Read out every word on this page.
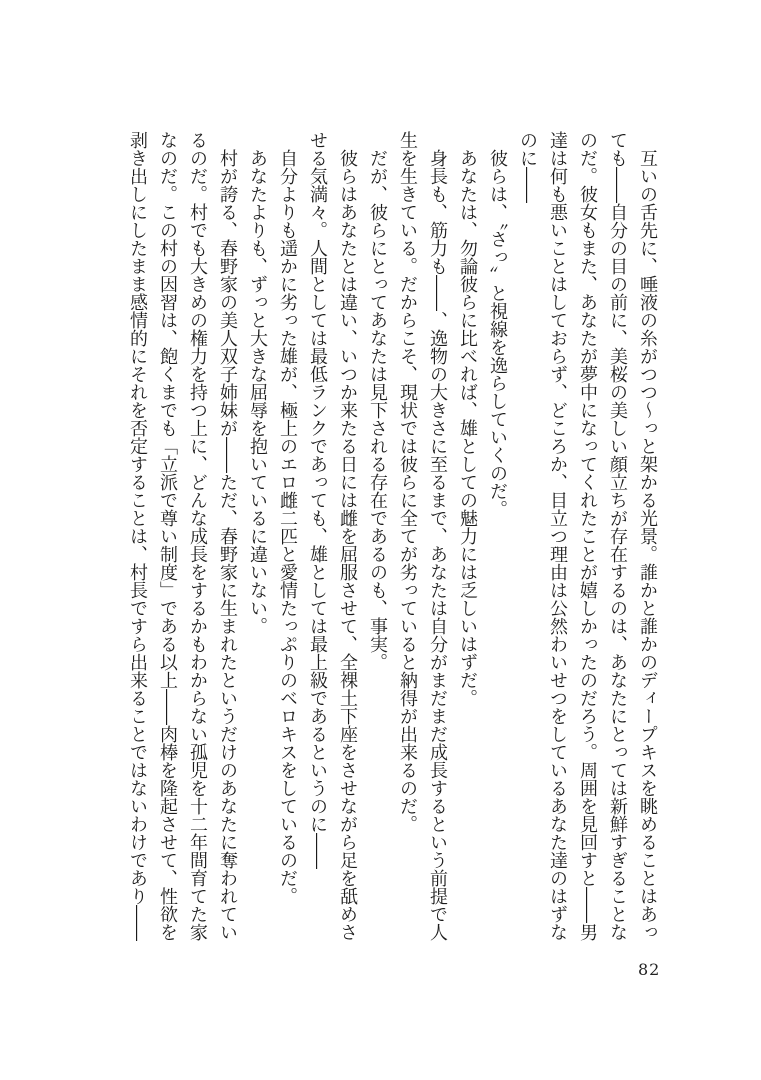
互いの舌先に、唾液の糸がつつ～っと架かる光景。誰かと誰かのディープキスを眺めることはあっても――自分の目の前に、美桜の美しい顔立ちが存在するのは、あなたにとっては新鮮すぎることなのだ。彼女もまた、あなたが夢中になってくれたことが嬉しかったのだろう。周囲を見回すと――男達は何も悪いことはしておらず、どころか、目立つ理由は公然わいせつをしているあなた達のはずなのに――

彼らは、〝さっ〟と視線を逸らしていくのだ。

あなたは、勿論彼らに比べれば、雄としての魅力には乏しいはずだ。

身長も、筋力も――、逸物の大きさに至るまで、あなたは自分がまだまだ成長するという前提で人生を生きている。だからこそ、現状では彼らに全てが劣っていると納得が出来るのだ。

だが、彼らにとってあなたは見下される存在であるのも、事実。

彼らはあなたとは違い、いつか来たる日には雌を屈服させて、全裸土下座をさせながら足を舐めさせる気満々。人間としては最低ランクであっても、雄としては最上級であるというのに――

自分よりも遥かに劣った雄が、極上のエロ雌二匹と愛情たっぷりのベロキスをしているのだ。

あなたよりも、ずっと大きな屈辱を抱いているに違いない。

村が誇る、春野家の美人双子姉妹が――ただ、春野家に生まれたというだけのあなたに奪われているのだ。村でも大きめの権力を持つ上に、どんな成長をするかもわからない孤児を十二年間育てた家なのだ。この村の因習は、飽くまでも「立派で尊い制度」である以上――肉棒を隆起させて、性欲を剥き出しにしたまま感情的にそれを否定することは、村長ですら出来ることではないわけであり――

82
